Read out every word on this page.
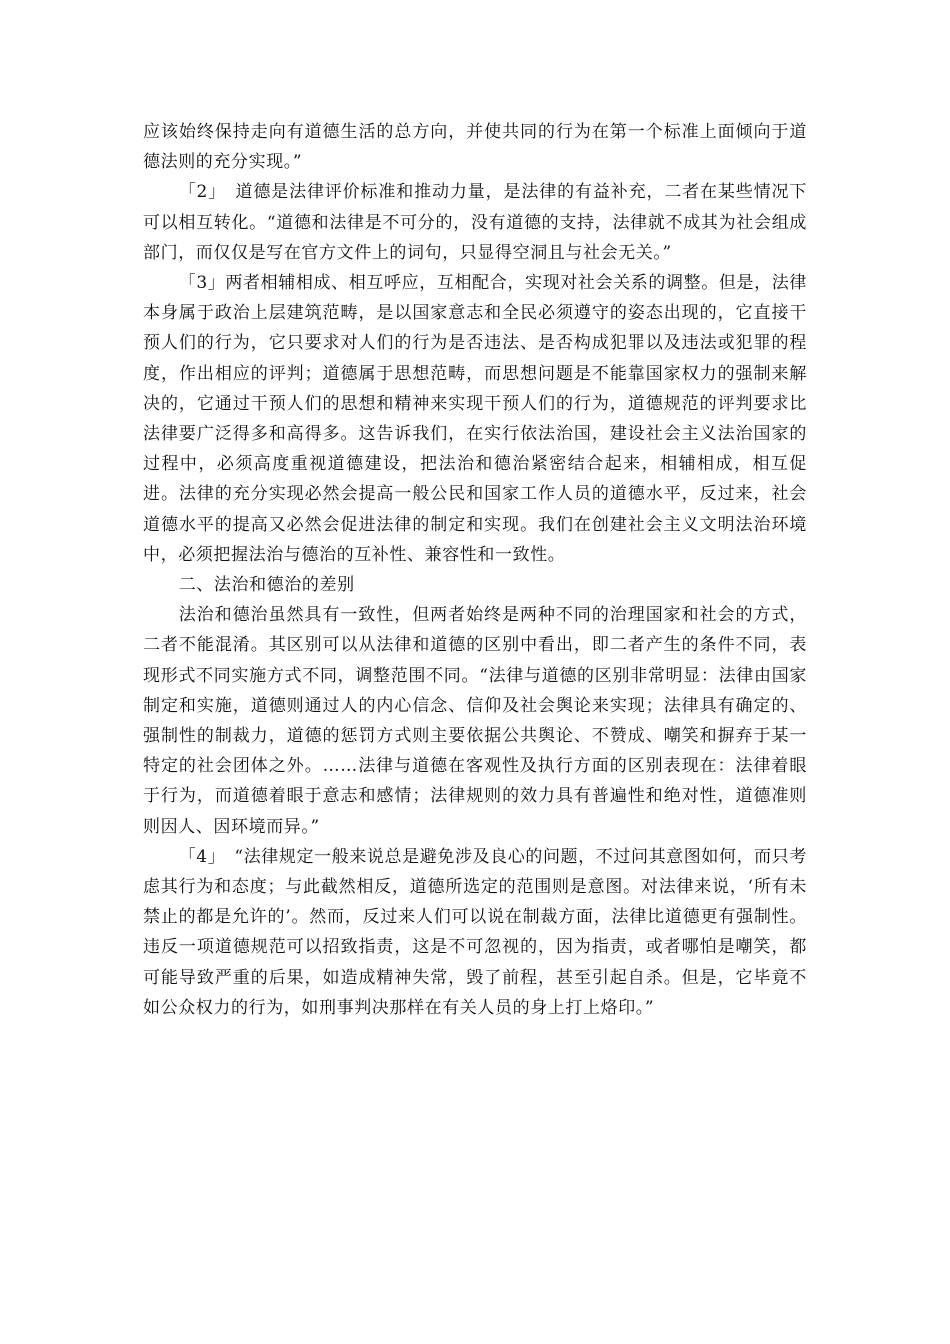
应该始终保持走向有道德生活的总方向，并使共同的行为在第一个标准上面倾向于道德法则的充分实现。”

「2」　道德是法律评价标准和推动力量，是法律的有益补充，二者在某些情况下可以相互转化。“道德和法律是不可分的，没有道德的支持，法律就不成其为社会组成部门，而仅仅是写在官方文件上的词句，只显得空洞且与社会无关。”

「3」两者相辅相成、相互呼应，互相配合，实现对社会关系的调整。但是，法律本身属于政治上层建筑范畴，是以国家意志和全民必须遵守的姿态出现的，它直接干预人们的行为，它只要求对人们的行为是否违法、是否构成犯罪以及违法或犯罪的程度，作出相应的评判；道德属于思想范畴，而思想问题是不能靠国家权力的强制来解决的，它通过干预人们的思想和精神来实现干预人们的行为，道德规范的评判要求比法律要广泛得多和高得多。这告诉我们，在实行依法治国，建设社会主义法治国家的过程中，必须高度重视道德建设，把法治和德治紧密结合起来，相辅相成，相互促进。法律的充分实现必然会提高一般公民和国家工作人员的道德水平，反过来，社会道德水平的提高又必然会促进法律的制定和实现。我们在创建社会主义文明法治环境中，必须把握法治与德治的互补性、兼容性和一致性。

二、法治和德治的差别

法治和德治虽然具有一致性，但两者始终是两种不同的治理国家和社会的方式，二者不能混淆。其区别可以从法律和道德的区别中看出，即二者产生的条件不同，表现形式不同实施方式不同，调整范围不同。“法律与道德的区别非常明显：法律由国家制定和实施，道德则通过人的内心信念、信仰及社会舆论来实现；法律具有确定的、强制性的制裁力，道德的惩罚方式则主要依据公共舆论、不赞成、嘲笑和摒弃于某一特定的社会团体之外。……法律与道德在客观性及执行方面的区别表现在：法律着眼于行为，而道德着眼于意志和感情；法律规则的效力具有普遍性和绝对性，道德准则则因人、因环境而异。”

「4」　“法律规定一般来说总是避免涉及良心的问题，不过问其意图如何，而只考虑其行为和态度；与此截然相反，道德所选定的范围则是意图。对法律来说，‘所有未禁止的都是允许的’。然而，反过来人们可以说在制裁方面，法律比道德更有强制性。违反一项道德规范可以招致指责，这是不可忽视的，因为指责，或者哪怕是嘲笑，都可能导致严重的后果，如造成精神失常，毁了前程，甚至引起自杀。但是，它毕竟不如公众权力的行为，如刑事判决那样在有关人员的身上打上烙印。”
